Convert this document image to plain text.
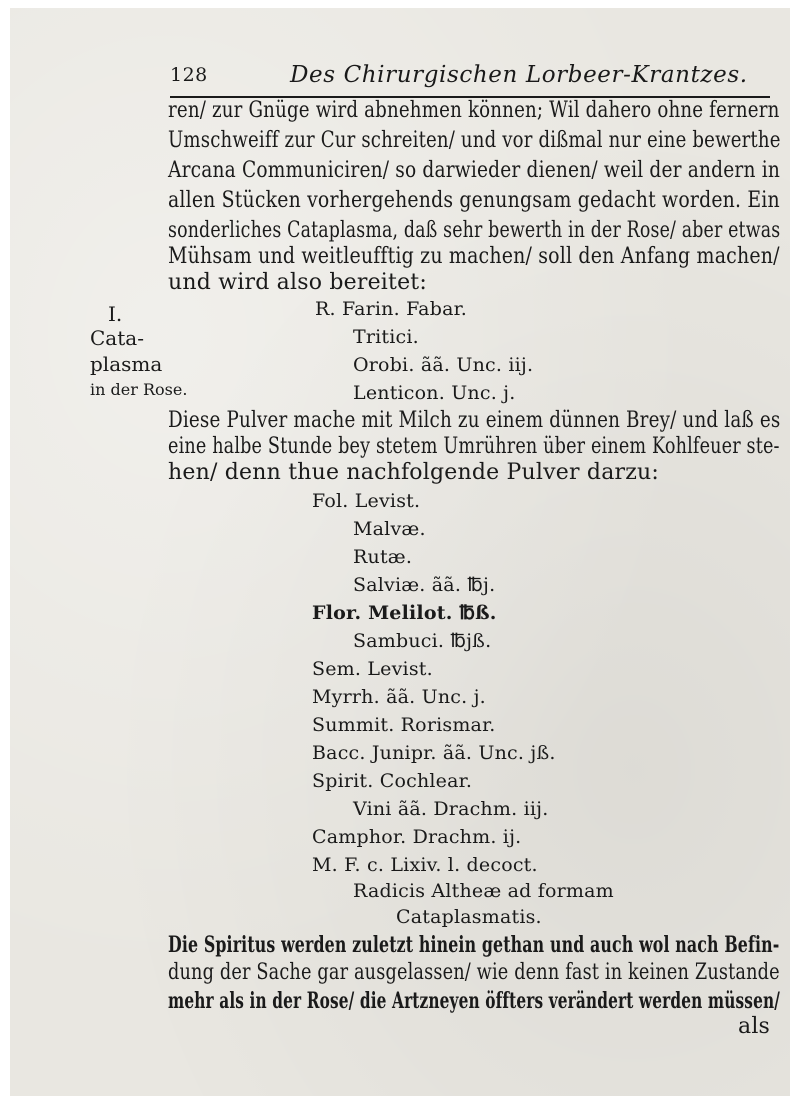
128	Des Chirurgischen Lorbeer-Krantzes.
ren/ zur Gnüge wird abnehmen können; Wil dahero ohne fernern
Umschweiff zur Cur schreiten/ und vor dißmal nur eine bewerthe
Arcana Communiciren/ so darwieder dienen/ weil der andern in
allen Stücken vorhergehends genungsam gedacht worden. Ein
sonderliches Cataplasma, daß sehr bewerth in der Rose/ aber etwas
Mühsam und weitleufftig zu machen/ soll den Anfang machen/
und wird also bereitet:
I.
Cata-
plasma
in der Rose.
R. Farin. Fabar.
Tritici.
Orobi. ãã. Unc. iij.
Lenticon. Unc. j.
Diese Pulver mache mit Milch zu einem dünnen Brey/ und laß es
eine halbe Stunde bey stetem Umrühren über einem Kohlfeuer ste-
hen/ denn thue nachfolgende Pulver darzu:
Fol. Levist.
Malvæ.
Rutæ.
Salviæ. ãã. ℔j.
Flor. Melilot. ℔ß.
Sambuci. ℔jß.
Sem. Levist.
Myrrh. ãã. Unc. j.
Summit. Rorismar.
Bacc. Junipr. ãã. Unc. jß.
Spirit. Cochlear.
Vini ãã. Drachm. iij.
Camphor. Drachm. ij.
M. F. c. Lixiv. l. decoct.
Radicis Altheæ ad formam
Cataplasmatis.
Die Spiritus werden zuletzt hinein gethan und auch wol nach Befin-
dung der Sache gar ausgelassen/ wie denn fast in keinen Zustande
mehr als in der Rose/ die Artzneyen öffters verändert werden müssen/
als
